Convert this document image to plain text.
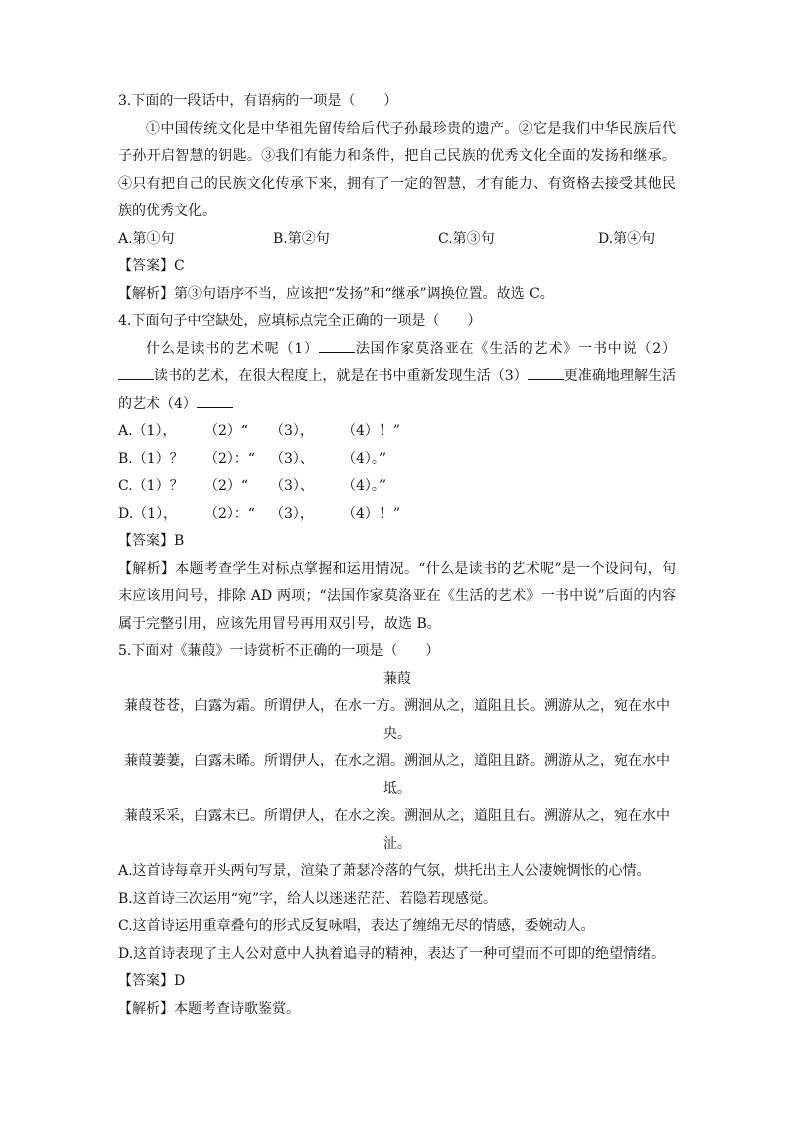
3.下面的一段话中，有语病的一项是（　　）
①中国传统文化是中华祖先留传给后代子孙最珍贵的遗产。②它是我们中华民族后代子孙开启智慧的钥匙。③我们有能力和条件，把自己民族的优秀文化全面的发扬和继承。④只有把自己的民族文化传承下来，拥有了一定的智慧，才有能力、有资格去接受其他民族的优秀文化。
A.第①句	B.第②句	C.第③句	D.第④句
【答案】C
【解析】第③句语序不当，应该把“发扬”和“继承”调换位置。故选 C。
4.下面句子中空缺处，应填标点完全正确的一项是（　　）
什么是读书的艺术呢（1）	法国作家莫洛亚在《生活的艺术》一书中说（2）读书的艺术，在很大程度上，就是在书中重新发现生活（3）	更准确地理解生活的艺术（4）
A.（1），	（2）“	（3），	（4）！”
B.（1）？	（2）：“	（3）、	（4）。”
C.（1）？	（2）“	（3）、	（4）。”
D.（1），	（2）：“	（3），	（4）！”
【答案】B
【解析】本题考查学生对标点掌握和运用情况。“什么是读书的艺术呢”是一个设问句，句末应该用问号，排除 AD 两项；“法国作家莫洛亚在《生活的艺术》一书中说”后面的内容属于完整引用，应该先用冒号再用双引号，故选 B。
5.下面对《蒹葭》一诗赏析不正确的一项是（　　）
蒹葭
蒹葭苍苍，白露为霜。所谓伊人，在水一方。溯洄从之，道阻且长。溯游从之，宛在水中
央。
蒹葭萋萋，白露未晞。所谓伊人，在水之湄。溯洄从之，道阻且跻。溯游从之，宛在水中
坻。
蒹葭采采，白露未已。所谓伊人，在水之涘。溯洄从之，道阻且右。溯游从之，宛在水中
沚。
A.这首诗每章开头两句写景，渲染了萧瑟冷落的气氛，烘托出主人公凄婉惆怅的心情。
B.这首诗三次运用“宛”字，给人以迷迷茫茫、若隐若现感觉。
C.这首诗运用重章叠句的形式反复咏唱，表达了缠绵无尽的情感，委婉动人。
D.这首诗表现了主人公对意中人执着追寻的精神，表达了一种可望而不可即的绝望情绪。
【答案】D
【解析】本题考查诗歌鉴赏。
